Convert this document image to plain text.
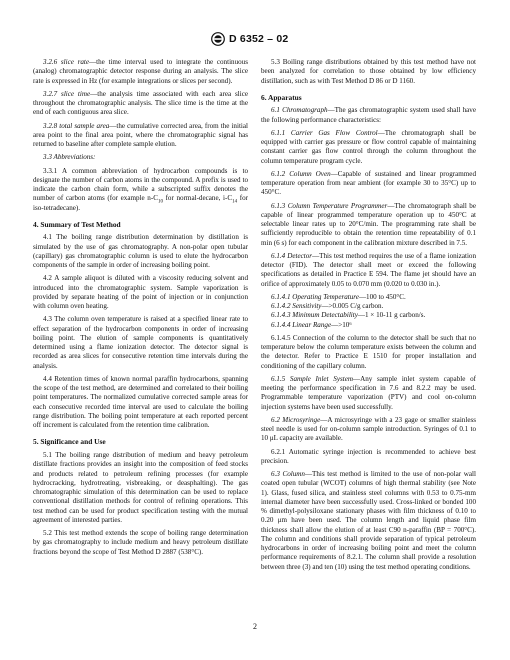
D 6352 – 02

3.2.6 slice rate—the time interval used to integrate the continuous (analog) chromatographic detector response during an analysis. The slice rate is expressed in Hz (for example integrations or slices per second).

3.2.7 slice time—the analysis time associated with each area slice throughout the chromatographic analysis. The slice time is the time at the end of each contiguous area slice.

3.2.8 total sample area—the cumulative corrected area, from the initial area point to the final area point, where the chromatographic signal has returned to baseline after complete sample elution.

3.3 Abbreviations:

3.3.1 A common abbreviation of hydrocarbon compounds is to designate the number of carbon atoms in the compound. A prefix is used to indicate the carbon chain form, while a subscripted suffix denotes the number of carbon atoms (for example $n-C_{10}$ for normal-decane, $i-C_{14}$ for iso-tetradecane).

4. Summary of Test Method

4.1 The boiling range distribution determination by distillation is simulated by the use of gas chromatography. A non-polar open tubular (capillary) gas chromatographic column is used to elute the hydrocarbon components of the sample in order of increasing boiling point.

4.2 A sample aliquot is diluted with a viscosity reducing solvent and introduced into the chromatographic system. Sample vaporization is provided by separate heating of the point of injection or in conjunction with column oven heating.

4.3 The column oven temperature is raised at a specified linear rate to effect separation of the hydrocarbon components in order of increasing boiling point. The elution of sample components is quantitatively determined using a flame ionization detector. The detector signal is recorded as area slices for consecutive retention time intervals during the analysis.

4.4 Retention times of known normal paraffin hydrocarbons, spanning the scope of the test method, are determined and correlated to their boiling point temperatures. The normalized cumulative corrected sample areas for each consecutive recorded time interval are used to calculate the boiling range distribution. The boiling point temperature at each reported percent off increment is calculated from the retention time calibration.

5. Significance and Use

5.1 The boiling range distribution of medium and heavy petroleum distillate fractions provides an insight into the composition of feed stocks and products related to petroleum refining processes (for example hydrocracking, hydrotreating, visbreaking, or deasphalting). The gas chromatographic simulation of this determination can be used to replace conventional distillation methods for control of refining operations. This test method can be used for product specification testing with the mutual agreement of interested parties.

5.2 This test method extends the scope of boiling range determination by gas chromatography to include medium and heavy petroleum distillate fractions beyond the scope of Test Method D 2887 (538°C).

5.3 Boiling range distributions obtained by this test method have not been analyzed for correlation to those obtained by low efficiency distillation, such as with Test Method D 86 or D 1160.

6. Apparatus

6.1 Chromatograph—The gas chromatographic system used shall have the following performance characteristics:

6.1.1 Carrier Gas Flow Control—The chromatograph shall be equipped with carrier gas pressure or flow control capable of maintaining constant carrier gas flow control through the column throughout the column temperature program cycle.

6.1.2 Column Oven—Capable of sustained and linear programmed temperature operation from near ambient (for example 30 to 35°C) up to 450°C.

6.1.3 Column Temperature Programmer—The chromatograph shall be capable of linear programmed temperature operation up to 450°C at selectable linear rates up to 20°C/min. The programming rate shall be sufficiently reproducible to obtain the retention time repeatability of 0.1 min (6 s) for each component in the calibration mixture described in 7.5.

6.1.4 Detector—This test method requires the use of a flame ionization detector (FID). The detector shall meet or exceed the following specifications as detailed in Practice E 594. The flame jet should have an orifice of approximately 0.05 to 0.070 mm (0.020 to 0.030 in.).

6.1.4.1 Operating Temperature—100 to 450°C.

6.1.4.2 Sensitivity—>0.005 C/g carbon.

6.1.4.3 Minimum Detectability—1 × 10-11 g carbon/s.

6.1.4.4 Linear Range—>10⁶

6.1.4.5 Connection of the column to the detector shall be such that no temperature below the column temperature exists between the column and the detector. Refer to Practice E 1510 for proper installation and conditioning of the capillary column.

6.1.5 Sample Inlet System—Any sample inlet system capable of meeting the performance specification in 7.6 and 8.2.2 may be used. Programmable temperature vaporization (PTV) and cool on-column injection systems have been used successfully.

6.2 Microsyringe—A microsyringe with a 23 gage or smaller stainless steel needle is used for on-column sample introduction. Syringes of 0.1 to 10 μL capacity are available.

6.2.1 Automatic syringe injection is recommended to achieve best precision.

6.3 Column—This test method is limited to the use of non-polar wall coated open tubular (WCOT) columns of high thermal stability (see Note 1). Glass, fused silica, and stainless steel columns with 0.53 to 0.75-mm internal diameter have been successfully used. Cross-linked or bonded 100 % dimethyl-polysiloxane stationary phases with film thickness of 0.10 to 0.20 μm have been used. The column length and liquid phase film thickness shall allow the elution of at least C90 n-paraffin (BP = 700°C). The column and conditions shall provide separation of typical petroleum hydrocarbons in order of increasing boiling point and meet the column performance requirements of 8.2.1. The column shall provide a resolution between three (3) and ten (10) using the test method operating conditions.

2
